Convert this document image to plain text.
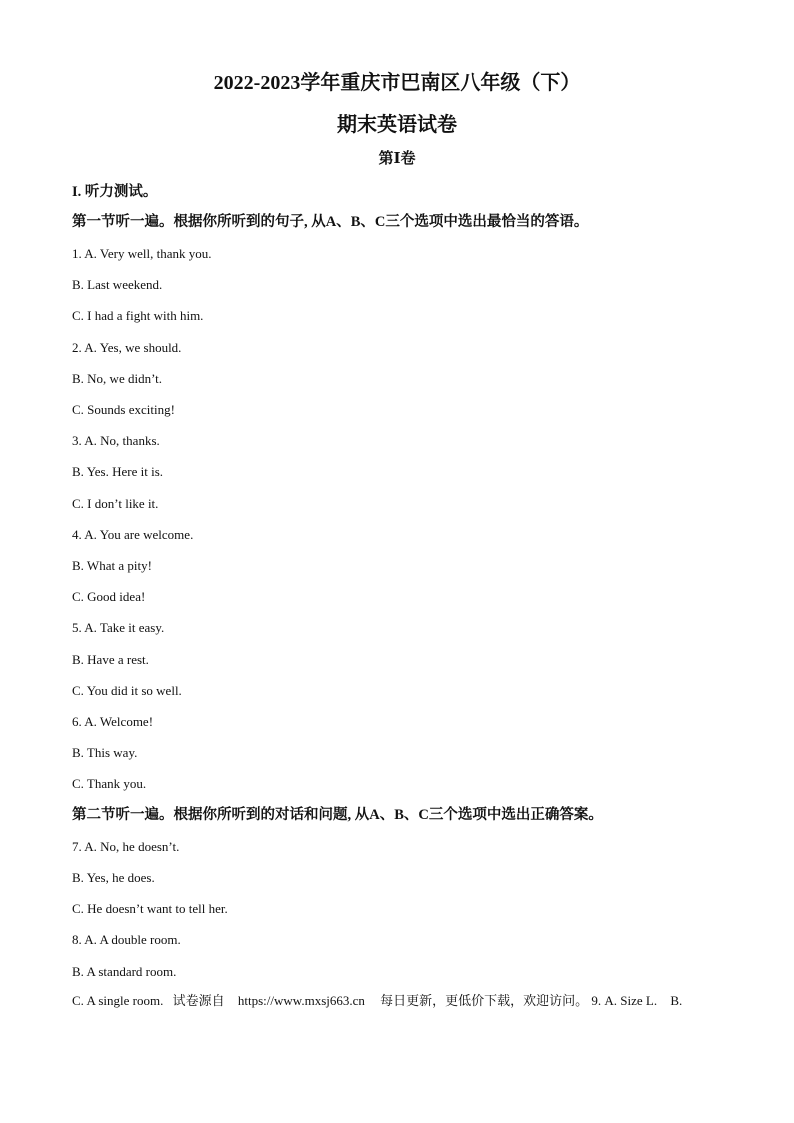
2022-2023学年重庆市巴南区八年级（下）
期末英语试卷
第Ⅰ卷
I. 听力测试。
第一节听一遍。根据你所听到的句子, 从A、B、C三个选项中选出最恰当的答语。
1. A. Very well, thank you.
B. Last weekend.
C. I had a fight with him.
2. A. Yes, we should.
B. No, we didn’t.
C. Sounds exciting!
3. A. No, thanks.
B. Yes. Here it is.
C. I don’t like it.
4. A. You are welcome.
B. What a pity!
C. Good idea!
5. A. Take it easy.
B. Have a rest.
C. You did it so well.
6. A. Welcome!
B. This way.
C. Thank you.
第二节听一遍。根据你所听到的对话和问题, 从A、B、C三个选项中选出正确答案。
7. A. No, he doesn’t.
B. Yes, he does.
C. He doesn’t want to tell her.
8. A. A double room.
B. A standard room.
C. A single room. 试卷源自 https://www.mxsj663.cn 每日更新，更低价下载，欢迎访问。 9. A. Size L. B.
